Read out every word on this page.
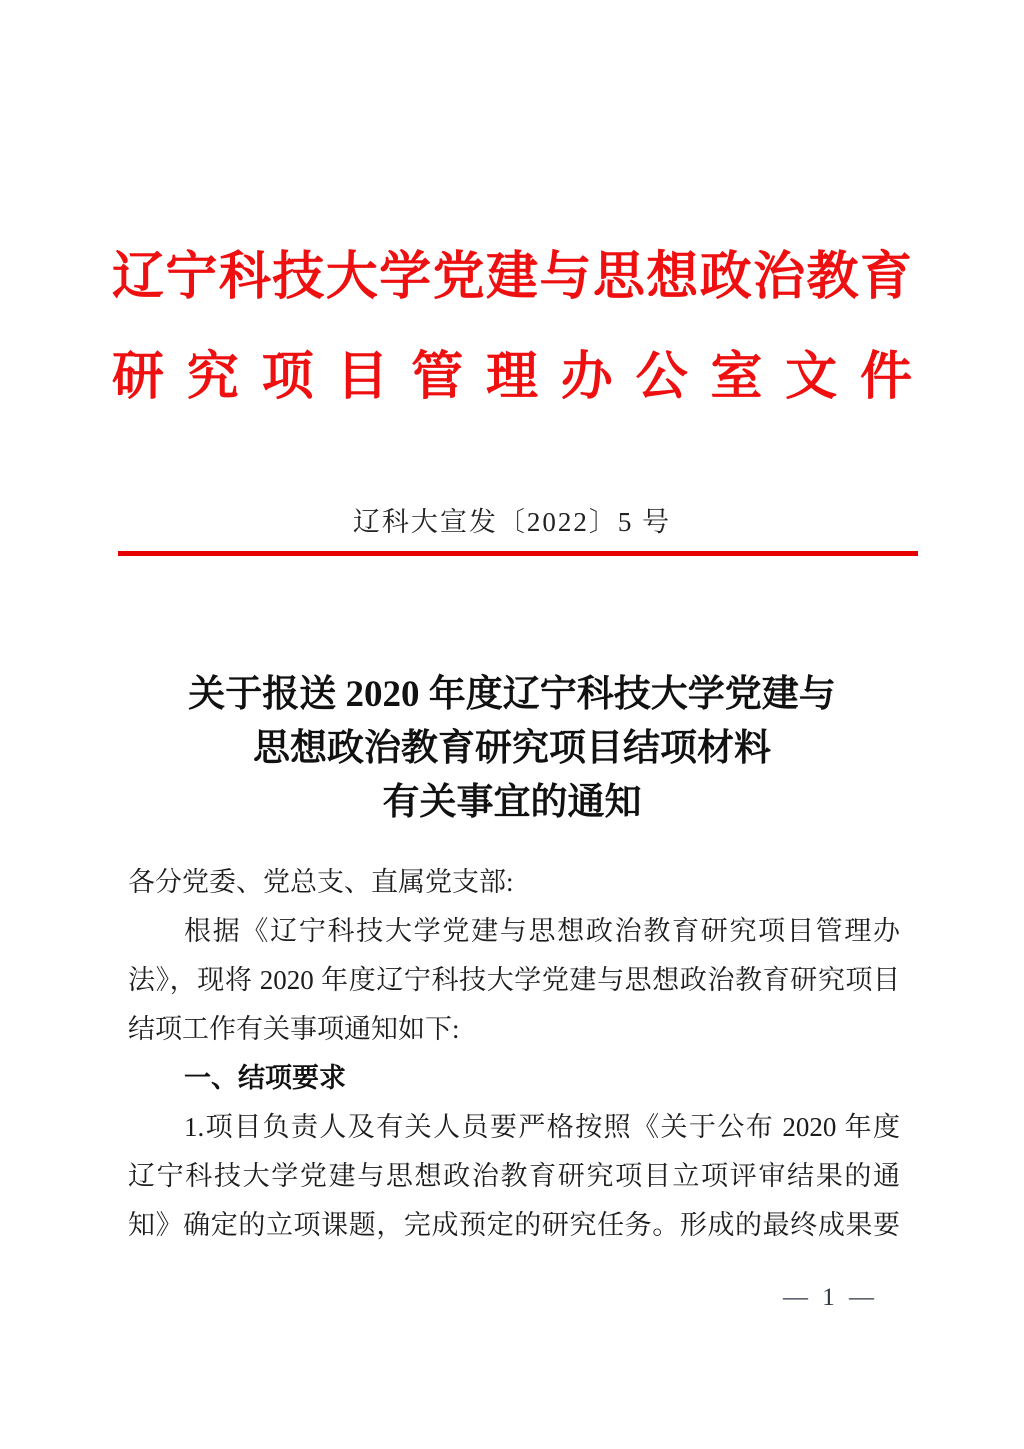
辽宁科技大学党建与思想政治教育
研究项目管理办公室文件
辽科大宣发〔2022〕5 号
关于报送 2020 年度辽宁科技大学党建与
思想政治教育研究项目结项材料
有关事宜的通知
各分党委、党总支、直属党支部:
根据《辽宁科技大学党建与思想政治教育研究项目管理办
法》，现将 2020 年度辽宁科技大学党建与思想政治教育研究项目
结项工作有关事项通知如下:
一、结项要求
1.项目负责人及有关人员要严格按照《关于公布 2020 年度
辽宁科技大学党建与思想政治教育研究项目立项评审结果的通
知》确定的立项课题，完成预定的研究任务。形成的最终成果要
— 1 —
